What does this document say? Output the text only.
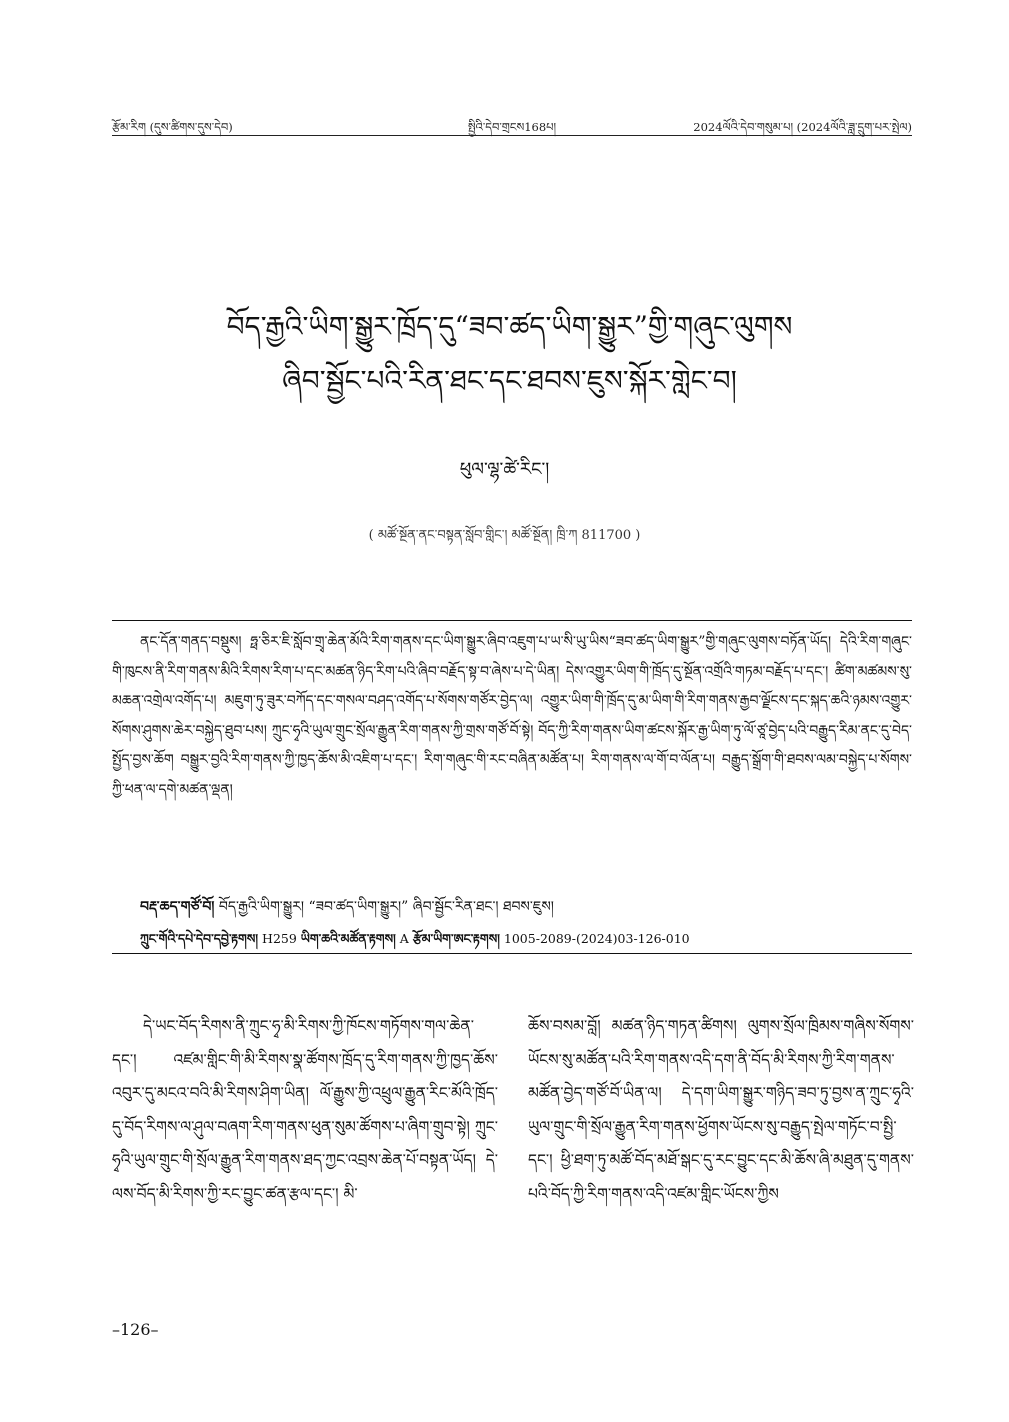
རྩོམ་རིག (དུས་ཚིགས་དུས་དེབ)	སྤྱིའི་དེབ་གྲངས168པ།	2024ལོའི་དེབ་གསུམ་པ། (2024ལོའི་ཟླ་དྲུག་པར་སྤེལ)
བོད་རྒྱའི་ཡིག་སྒྱུར་ཁྲོད་དུ“ཟབ་ཚད་ཡིག་སྒྱུར”གྱི་གཞུང་ལུགས
ཞིབ་སྦྱོང་པའི་རིན་ཐང་དང་ཐབས་ཇུས་སྐོར་གླེང་བ།
ཕུལ་ལྷ་ཚེ་རིང་།
( མཚོ་སྔོན་ནང་བསྟན་སློབ་གླིང་། མཚོ་སྔོན། ཁྲི་ཀ 811700 )

ནང་དོན་གནད་བསྡུས། ཧྥ་ཅིར་ཇི་སློབ་གྲྭ་ཆེན་མོའི་རིག་གནས་དང་ཡིག་སྒྱུར་ཞིབ་འཇུག་པ་ཡ་སི་ཡུ་ཡིས“ཟབ་ཚད་ཡིག་སྒྱུར”གྱི་གཞུང་ལུགས་བཏོན་ཡོད། དེའི་རིག་གཞུང་གི་ཁུངས་ནི་རིག་གནས་མིའི་རིགས་རིག་པ་དང་མཚན་ཉིད་རིག་པའི་ཞིབ་བརྗོད་སྟ་བ་ཞེས་པ་དེ་ཡིན། དེས་འགྱུར་ཡིག་གི་ཁྲོད་དུ་སྔོན་འགྲོའི་གཏམ་བརྗོད་པ་དང་། ཚིག་མཚམས་སུ་མཆན་འགྲེལ་འགོད་པ། མཇུག་ཏུ་ཟུར་བཀོད་དང་གསལ་བཤད་འགོད་པ་སོགས་གཙོར་བྱེད་ལ། འགྱུར་ཡིག་གི་ཁྲོད་དུ་མ་ཡིག་གི་རིག་གནས་རྒྱབ་ལྗོངས་དང་སྐད་ཆའི་ཉམས་འགྱུར་སོགས་ཤུགས་ཆེར་བསྐྱེད་ཐུབ་པས། ཀྲུང་ཧྭའི་ཡུལ་གྲུང་སྲོལ་རྒྱུན་རིག་གནས་ཀྱི་གྲས་གཙོ་བོ་སྟེ། བོད་ཀྱི་རིག་གནས་ཡིག་ཚངས་སྐོར་རྒྱ་ཡིག་ཏུ་ལོ་ཙཱ་བྱེད་པའི་བརྒྱུད་རིམ་ནང་དུ་བེད་སྤྱོད་བྱས་ཆོག བསྒྱུར་བྱའི་རིག་གནས་ཀྱི་ཁྱད་ཆོས་མི་འཇིག་པ་དང་། རིག་གཞུང་གི་རང་བཞིན་མཚོན་པ། རིག་གནས་ལ་གོ་བ་ལོན་པ། བརྒྱུད་སྒྲོག་གི་ཐབས་ལམ་བསྐྱེད་པ་སོགས་ཀྱི་ཕན་ལ་དགེ་མཚན་ལྡན།

བརྡ་ཆད་གཙོ་བོ། བོད་རྒྱའི་ཡིག་སྒྱུར། “ཟབ་ཚད་ཡིག་སྒྱུར།” ཞིབ་སྦྱོང་རིན་ཐང་། ཐབས་ཇུས།
ཀྲུང་གོའི་དཔེ་དེབ་དབྱེ་རྟགས། H259 ཡིག་ཆའི་མཚོན་རྟགས། A རྩོམ་ཡིག་ཨང་རྟགས། 1005-2089-(2024)03-126-010

དེ་ཡང་བོད་རིགས་ནི་ཀྲུང་ཧྭ་མི་རིགས་ཀྱི་ཁོངས་གཏོགས་གལ་ཆེན་དང་། འཛམ་གླིང་གི་མི་རིགས་སྣ་ཚོགས་ཁྲོད་དུ་རིག་གནས་ཀྱི་ཁྱད་ཆོས་འབུར་དུ་མངའ་བའི་མི་རིགས་ཤིག་ཡིན། ལོ་རྒྱུས་ཀྱི་འཕྲུལ་རྒྱུན་རིང་མོའི་ཁྲོད་དུ་བོད་རིགས་ལ་ཤུལ་བཞག་རིག་གནས་ཕུན་སུམ་ཚོགས་པ་ཞིག་གྲུབ་སྟེ། ཀྲུང་ཧྭའི་ཡུལ་གྲུང་གི་སྲོལ་རྒྱུན་རིག་གནས་ཐད་ཀྱང་འབྲས་ཆེན་པོ་བསྟན་ཡོད། དེ་ལས་བོད་མི་རིགས་ཀྱི་རང་བྱུང་ཚན་རྩལ་དང་། མི་

ཆོས་བསམ་བློ། མཚན་ཉིད་གཏན་ཚིགས། ལུགས་སྲོལ་ཁྲིམས་གཞིས་སོགས་ཡོངས་སུ་མཚོན་པའི་རིག་གནས་འདི་དག་ནི་བོད་མི་རིགས་ཀྱི་རིག་གནས་མཚོན་བྱེད་གཙོ་བོ་ཡིན་ལ། དེ་དག་ཡིག་སྒྱུར་གཉིད་ཟབ་ཏུ་བྱས་ན་ཀྲུང་ཧྭའི་ཡུལ་གྲུང་གི་སྲོལ་རྒྱུན་རིག་གནས་ཕྱོགས་ཡོངས་སུ་བརྒྱུད་སྤེལ་གཏོང་བ་སྤྱི་དང་། ཕྱི་ཐག་ཏུ་མཚོ་བོད་མཐོ་སྒང་དུ་རང་བྱུང་དང་མི་ཆོས་ཞི་མཐུན་དུ་གནས་པའི་བོད་ཀྱི་རིག་གནས་འདི་འཛམ་གླིང་ཡོངས་ཀྱིས

–126–
